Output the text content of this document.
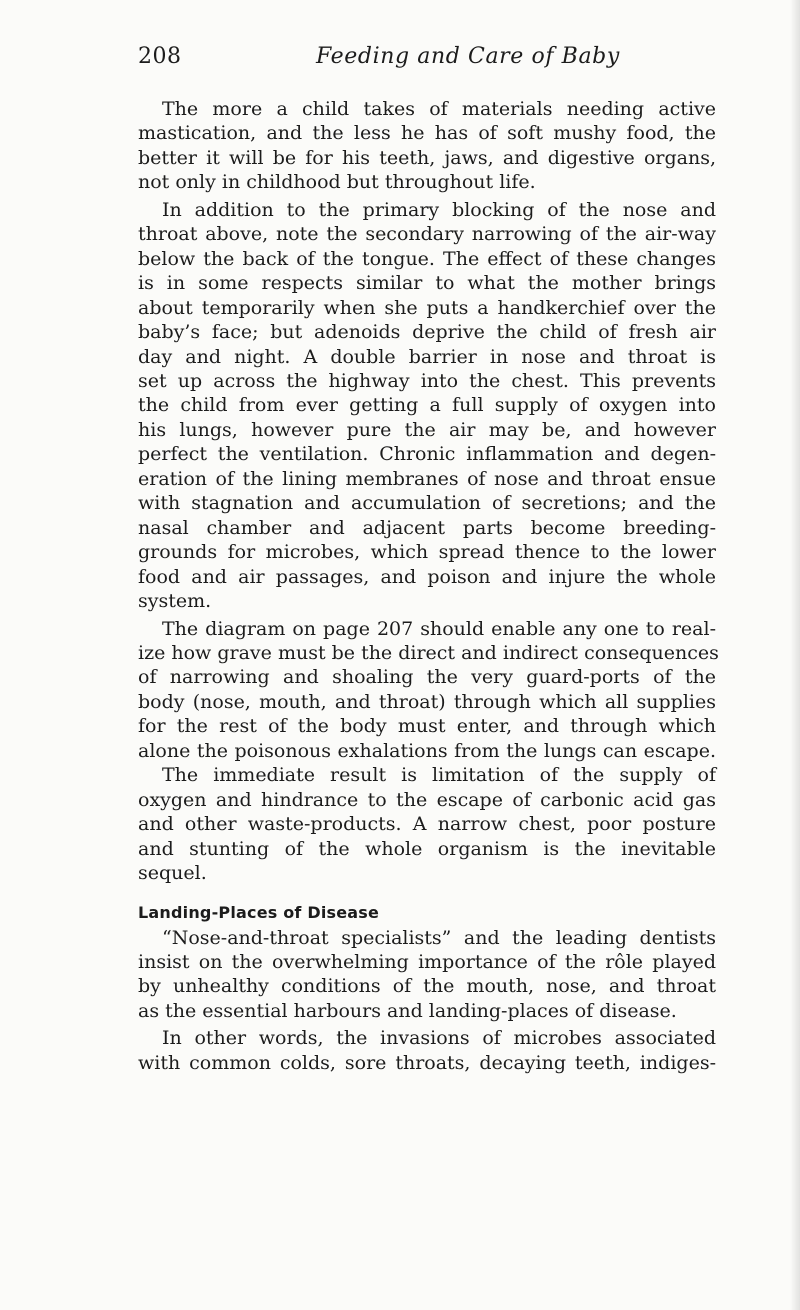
208	Feeding and Care of Baby

The more a child takes of materials needing active
mastication, and the less he has of soft mushy food, the
better it will be for his teeth, jaws, and digestive organs,
not only in childhood but throughout life.

In addition to the primary blocking of the nose and
throat above, note the secondary narrowing of the air-way
below the back of the tongue. The effect of these changes
is in some respects similar to what the mother brings
about temporarily when she puts a handkerchief over the
baby’s face; but adenoids deprive the child of fresh air
day and night. A double barrier in nose and throat is
set up across the highway into the chest. This prevents
the child from ever getting a full supply of oxygen into
his lungs, however pure the air may be, and however
perfect the ventilation. Chronic inflammation and degen-
eration of the lining membranes of nose and throat ensue
with stagnation and accumulation of secretions; and the
nasal chamber and adjacent parts become breeding-
grounds for microbes, which spread thence to the lower
food and air passages, and poison and injure the whole
system.

The diagram on page 207 should enable any one to real-
ize how grave must be the direct and indirect consequences
of narrowing and shoaling the very guard-ports of the
body (nose, mouth, and throat) through which all supplies
for the rest of the body must enter, and through which
alone the poisonous exhalations from the lungs can escape.
The immediate result is limitation of the supply of
oxygen and hindrance to the escape of carbonic acid gas
and other waste-products. A narrow chest, poor posture
and stunting of the whole organism is the inevitable
sequel.

Landing-Places of Disease

“Nose-and-throat specialists” and the leading dentists
insist on the overwhelming importance of the rôle played
by unhealthy conditions of the mouth, nose, and throat
as the essential harbours and landing-places of disease.

In other words, the invasions of microbes associated
with common colds, sore throats, decaying teeth, indiges-
